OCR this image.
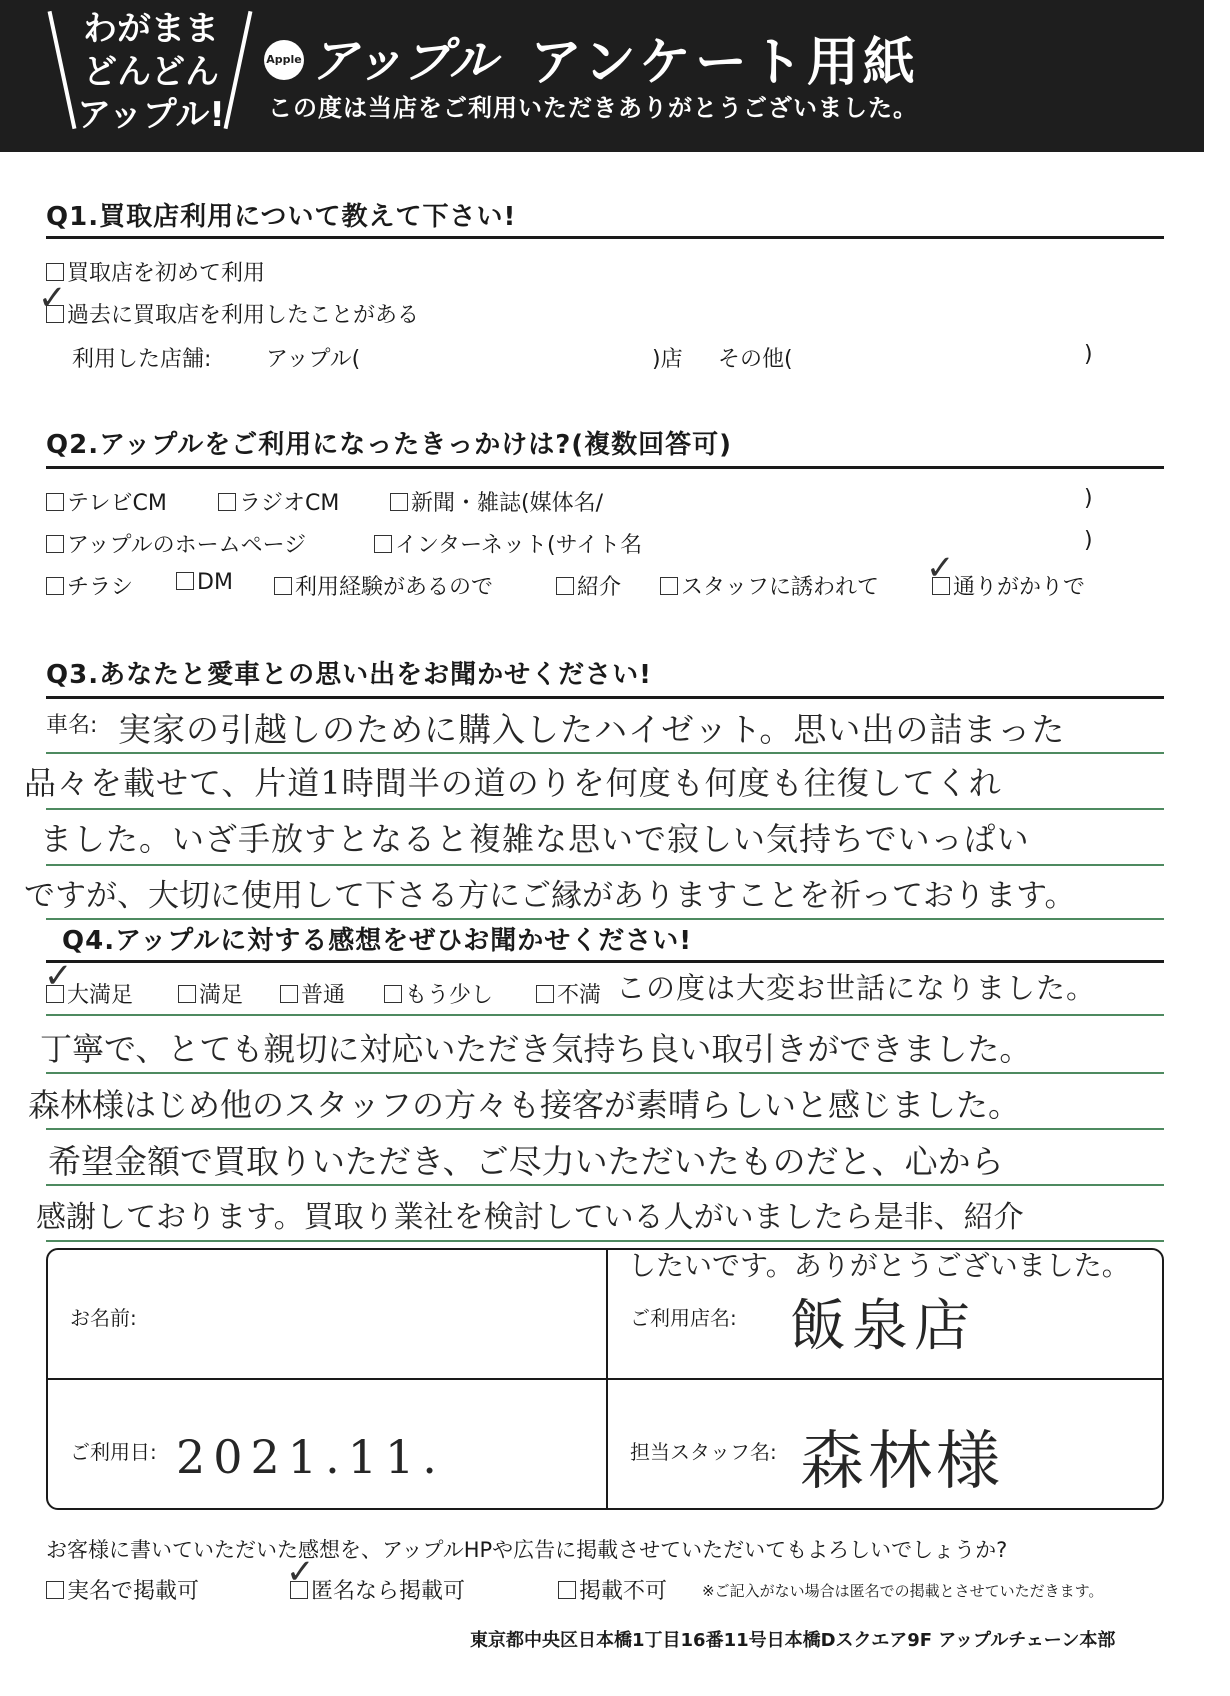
わがまま
どんどん
アップル!
Apple アップル アンケート用紙
この度は当店をご利用いただきありがとうございました。
Q1.買取店利用について教えて下さい!
買取店を初めて利用
過去に買取店を利用したことがある
✓
利用した店舗: アップル(	)店 その他(	)
Q2.アップルをご利用になったきっかけは?(複数回答可)
テレビCM	ラジオCM	新聞・雑誌(媒体名/	)
アップルのホームページ	インターネット(サイト名	)
チラシ	DM	利用経験があるので	紹介	スタッフに誘われて	通りがかりで
✓
Q3.あなたと愛車との思い出をお聞かせください!
車名: 実家の引越しのために購入したハイゼット。思い出の詰まった
品々を載せて、片道1時間半の道のりを何度も何度も往復してくれ
ました。いざ手放すとなると複雑な思いで寂しい気持ちでいっぱい
ですが、大切に使用して下さる方にご縁がありますことを祈っております。
Q4.アップルに対する感想をぜひお聞かせください!
大満足	満足	普通	もう少し	不満
✓	この度は大変お世話になりました。
丁寧で、とても親切に対応いただき気持ち良い取引きができました。
森林様はじめ他のスタッフの方々も接客が素晴らしいと感じました。
希望金額で買取りいただき、ご尽力いただいたものだと、心から
感謝しております。買取り業社を検討している人がいましたら是非、紹介
したいです。ありがとうございました。
お名前:	ご利用店名: 飯泉店
ご利用日: 2021.11.	担当スタッフ名: 森林様
お客様に書いていただいた感想を、アップルHPや広告に掲載させていただいてもよろしいでしょうか?
実名で掲載可	匿名なら掲載可
✓	掲載不可 ※ご記入がない場合は匿名での掲載とさせていただきます。
東京都中央区日本橋1丁目16番11号日本橋Dスクエア9F アップルチェーン本部
